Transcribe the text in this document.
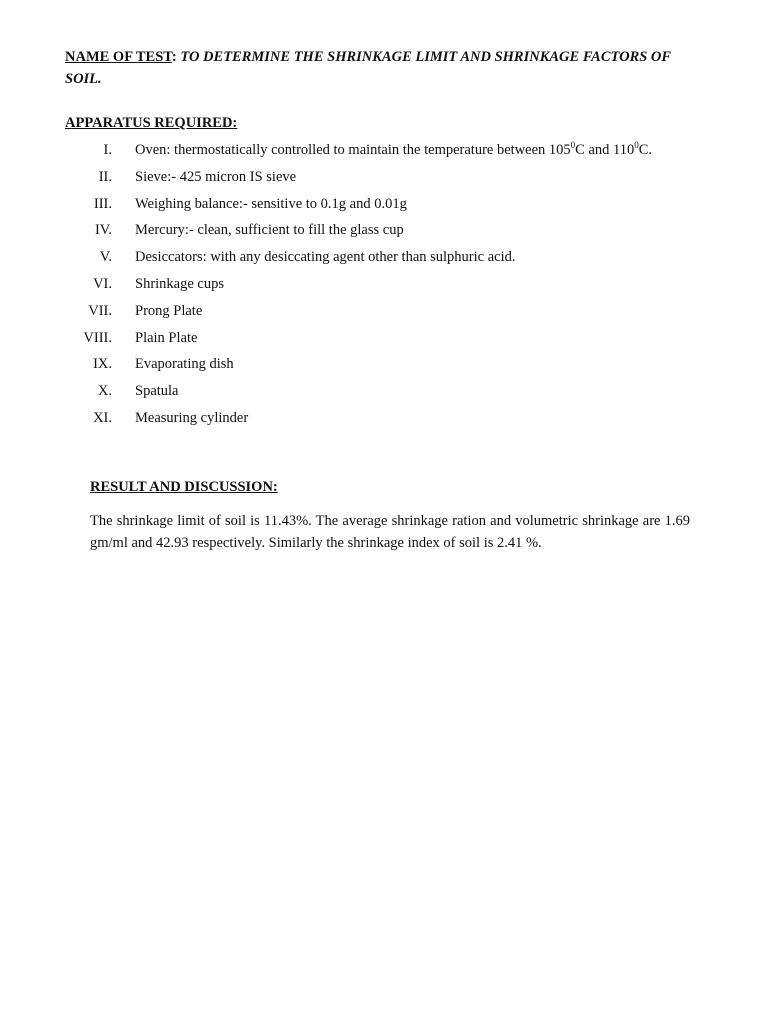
NAME OF TEST: TO DETERMINE THE SHRINKAGE LIMIT AND SHRINKAGE FACTORS OF SOIL.
APPARATUS REQUIRED:
I. Oven: thermostatically controlled to maintain the temperature between $105^0C$ and $110^0C$.
II. Sieve:- 425 micron IS sieve
III. Weighing balance:- sensitive to 0.1g and 0.01g
IV. Mercury:- clean, sufficient to fill the glass cup
V. Desiccators: with any desiccating agent other than sulphuric acid.
VI. Shrinkage cups
VII. Prong Plate
VIII. Plain Plate
IX. Evaporating dish
X. Spatula
XI. Measuring cylinder
RESULT AND DISCUSSION:

The shrinkage limit of soil is 11.43%. The average shrinkage ration and volumetric shrinkage are 1.69 gm/ml and 42.93 respectively. Similarly the shrinkage index of soil is 2.41 %.
